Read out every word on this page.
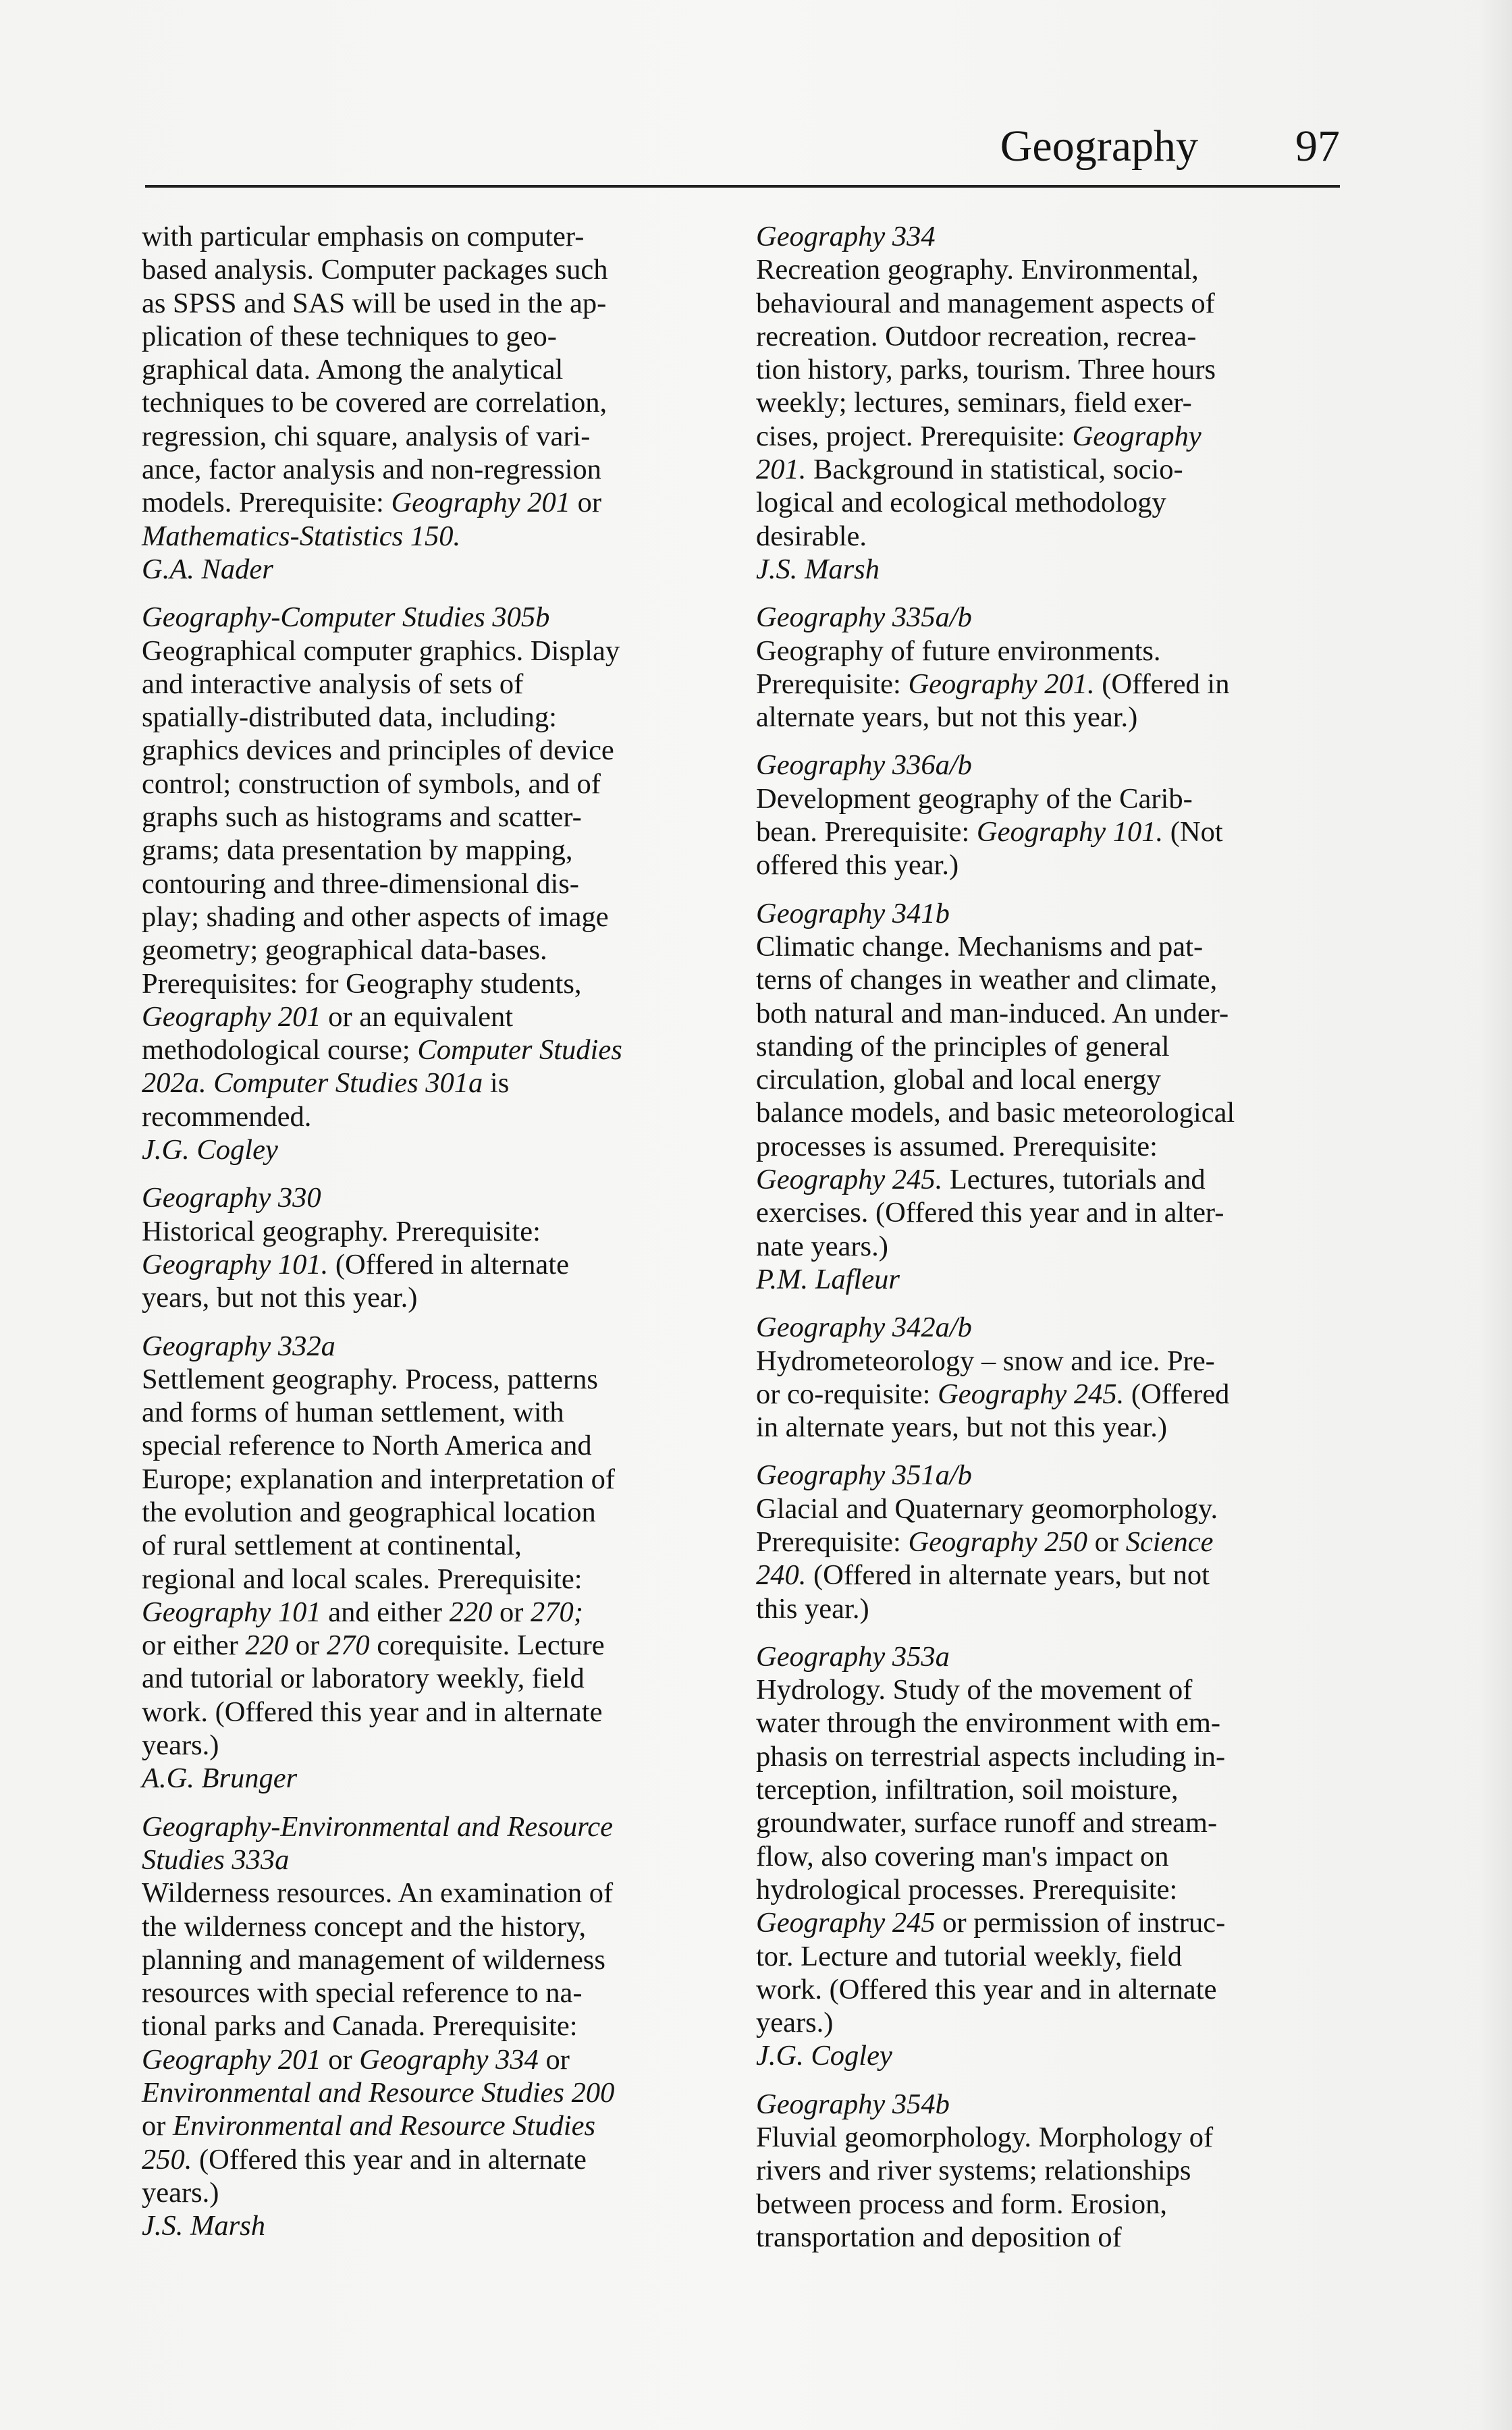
Geography 97
with particular emphasis on computer-
based analysis. Computer packages such
as SPSS and SAS will be used in the ap-
plication of these techniques to geo-
graphical data. Among the analytical
techniques to be covered are correlation,
regression, chi square, analysis of vari-
ance, factor analysis and non-regression
models. Prerequisite: Geography 201 or
Mathematics-Statistics 150.
G.A. Nader
Geography-Computer Studies 305b
Geographical computer graphics. Display
and interactive analysis of sets of
spatially-distributed data, including:
graphics devices and principles of device
control; construction of symbols, and of
graphs such as histograms and scatter-
grams; data presentation by mapping,
contouring and three-dimensional dis-
play; shading and other aspects of image
geometry; geographical data-bases.
Prerequisites: for Geography students,
Geography 201 or an equivalent
methodological course; Computer Studies
202a. Computer Studies 301a is
recommended.
J.G. Cogley
Geography 330
Historical geography. Prerequisite:
Geography 101. (Offered in alternate
years, but not this year.)
Geography 332a
Settlement geography. Process, patterns
and forms of human settlement, with
special reference to North America and
Europe; explanation and interpretation of
the evolution and geographical location
of rural settlement at continental,
regional and local scales. Prerequisite:
Geography 101 and either 220 or 270;
or either 220 or 270 corequisite. Lecture
and tutorial or laboratory weekly, field
work. (Offered this year and in alternate
years.)
A.G. Brunger
Geography-Environmental and Resource
Studies 333a
Wilderness resources. An examination of
the wilderness concept and the history,
planning and management of wilderness
resources with special reference to na-
tional parks and Canada. Prerequisite:
Geography 201 or Geography 334 or
Environmental and Resource Studies 200
or Environmental and Resource Studies
250. (Offered this year and in alternate
years.)
J.S. Marsh
Geography 334
Recreation geography. Environmental,
behavioural and management aspects of
recreation. Outdoor recreation, recrea-
tion history, parks, tourism. Three hours
weekly; lectures, seminars, field exer-
cises, project. Prerequisite: Geography
201. Background in statistical, socio-
logical and ecological methodology
desirable.
J.S. Marsh
Geography 335a/b
Geography of future environments.
Prerequisite: Geography 201. (Offered in
alternate years, but not this year.)
Geography 336a/b
Development geography of the Carib-
bean. Prerequisite: Geography 101. (Not
offered this year.)
Geography 341b
Climatic change. Mechanisms and pat-
terns of changes in weather and climate,
both natural and man-induced. An under-
standing of the principles of general
circulation, global and local energy
balance models, and basic meteorological
processes is assumed. Prerequisite:
Geography 245. Lectures, tutorials and
exercises. (Offered this year and in alter-
nate years.)
P.M. Lafleur
Geography 342a/b
Hydrometeorology – snow and ice. Pre-
or co-requisite: Geography 245. (Offered
in alternate years, but not this year.)
Geography 351a/b
Glacial and Quaternary geomorphology.
Prerequisite: Geography 250 or Science
240. (Offered in alternate years, but not
this year.)
Geography 353a
Hydrology. Study of the movement of
water through the environment with em-
phasis on terrestrial aspects including in-
terception, infiltration, soil moisture,
groundwater, surface runoff and stream-
flow, also covering man's impact on
hydrological processes. Prerequisite:
Geography 245 or permission of instruc-
tor. Lecture and tutorial weekly, field
work. (Offered this year and in alternate
years.)
J.G. Cogley
Geography 354b
Fluvial geomorphology. Morphology of
rivers and river systems; relationships
between process and form. Erosion,
transportation and deposition of
